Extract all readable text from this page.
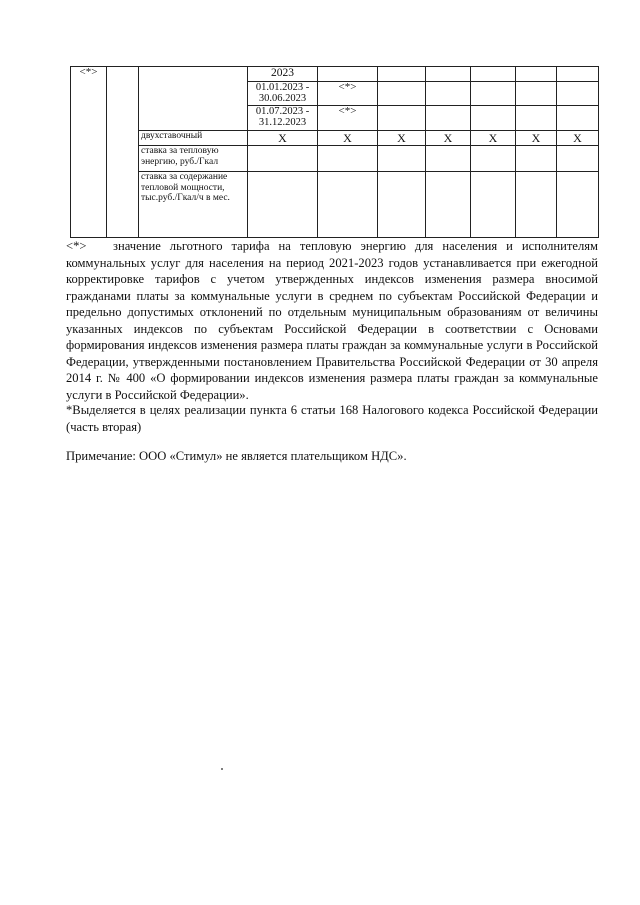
<*>			2023						
			01.01.2023 - 30.06.2023	<*>					
			01.07.2023 - 31.12.2023	<*>					
		двухставочный	Х	Х	Х	Х	Х	Х	Х
		ставка за тепловую энергию, руб./Гкал							
		ставка за содержание тепловой мощности, тыс.руб./Гкал/ч в мес.							

<*> значение льготного тарифа на тепловую энергию для населения и исполнителям коммунальных услуг для населения на период 2021-2023 годов устанавливается при ежегодной корректировке тарифов с учетом утвержденных индексов изменения размера вносимой гражданами платы за коммунальные услуги в среднем по субъектам Российской Федерации и предельно допустимых отклонений по отдельным муниципальным образованиям от величины указанных индексов по субъектам Российской Федерации в соответствии с Основами формирования индексов изменения размера платы граждан за коммунальные услуги в Российской Федерации, утвержденными постановлением Правительства Российской Федерации от 30 апреля 2014 г. № 400 «О формировании индексов изменения размера платы граждан за коммунальные услуги в Российской Федерации».

*Выделяется в целях реализации пункта 6 статьи 168 Налогового кодекса Российской Федерации (часть вторая)

Примечание: ООО «Стимул» не является плательщиком НДС».
